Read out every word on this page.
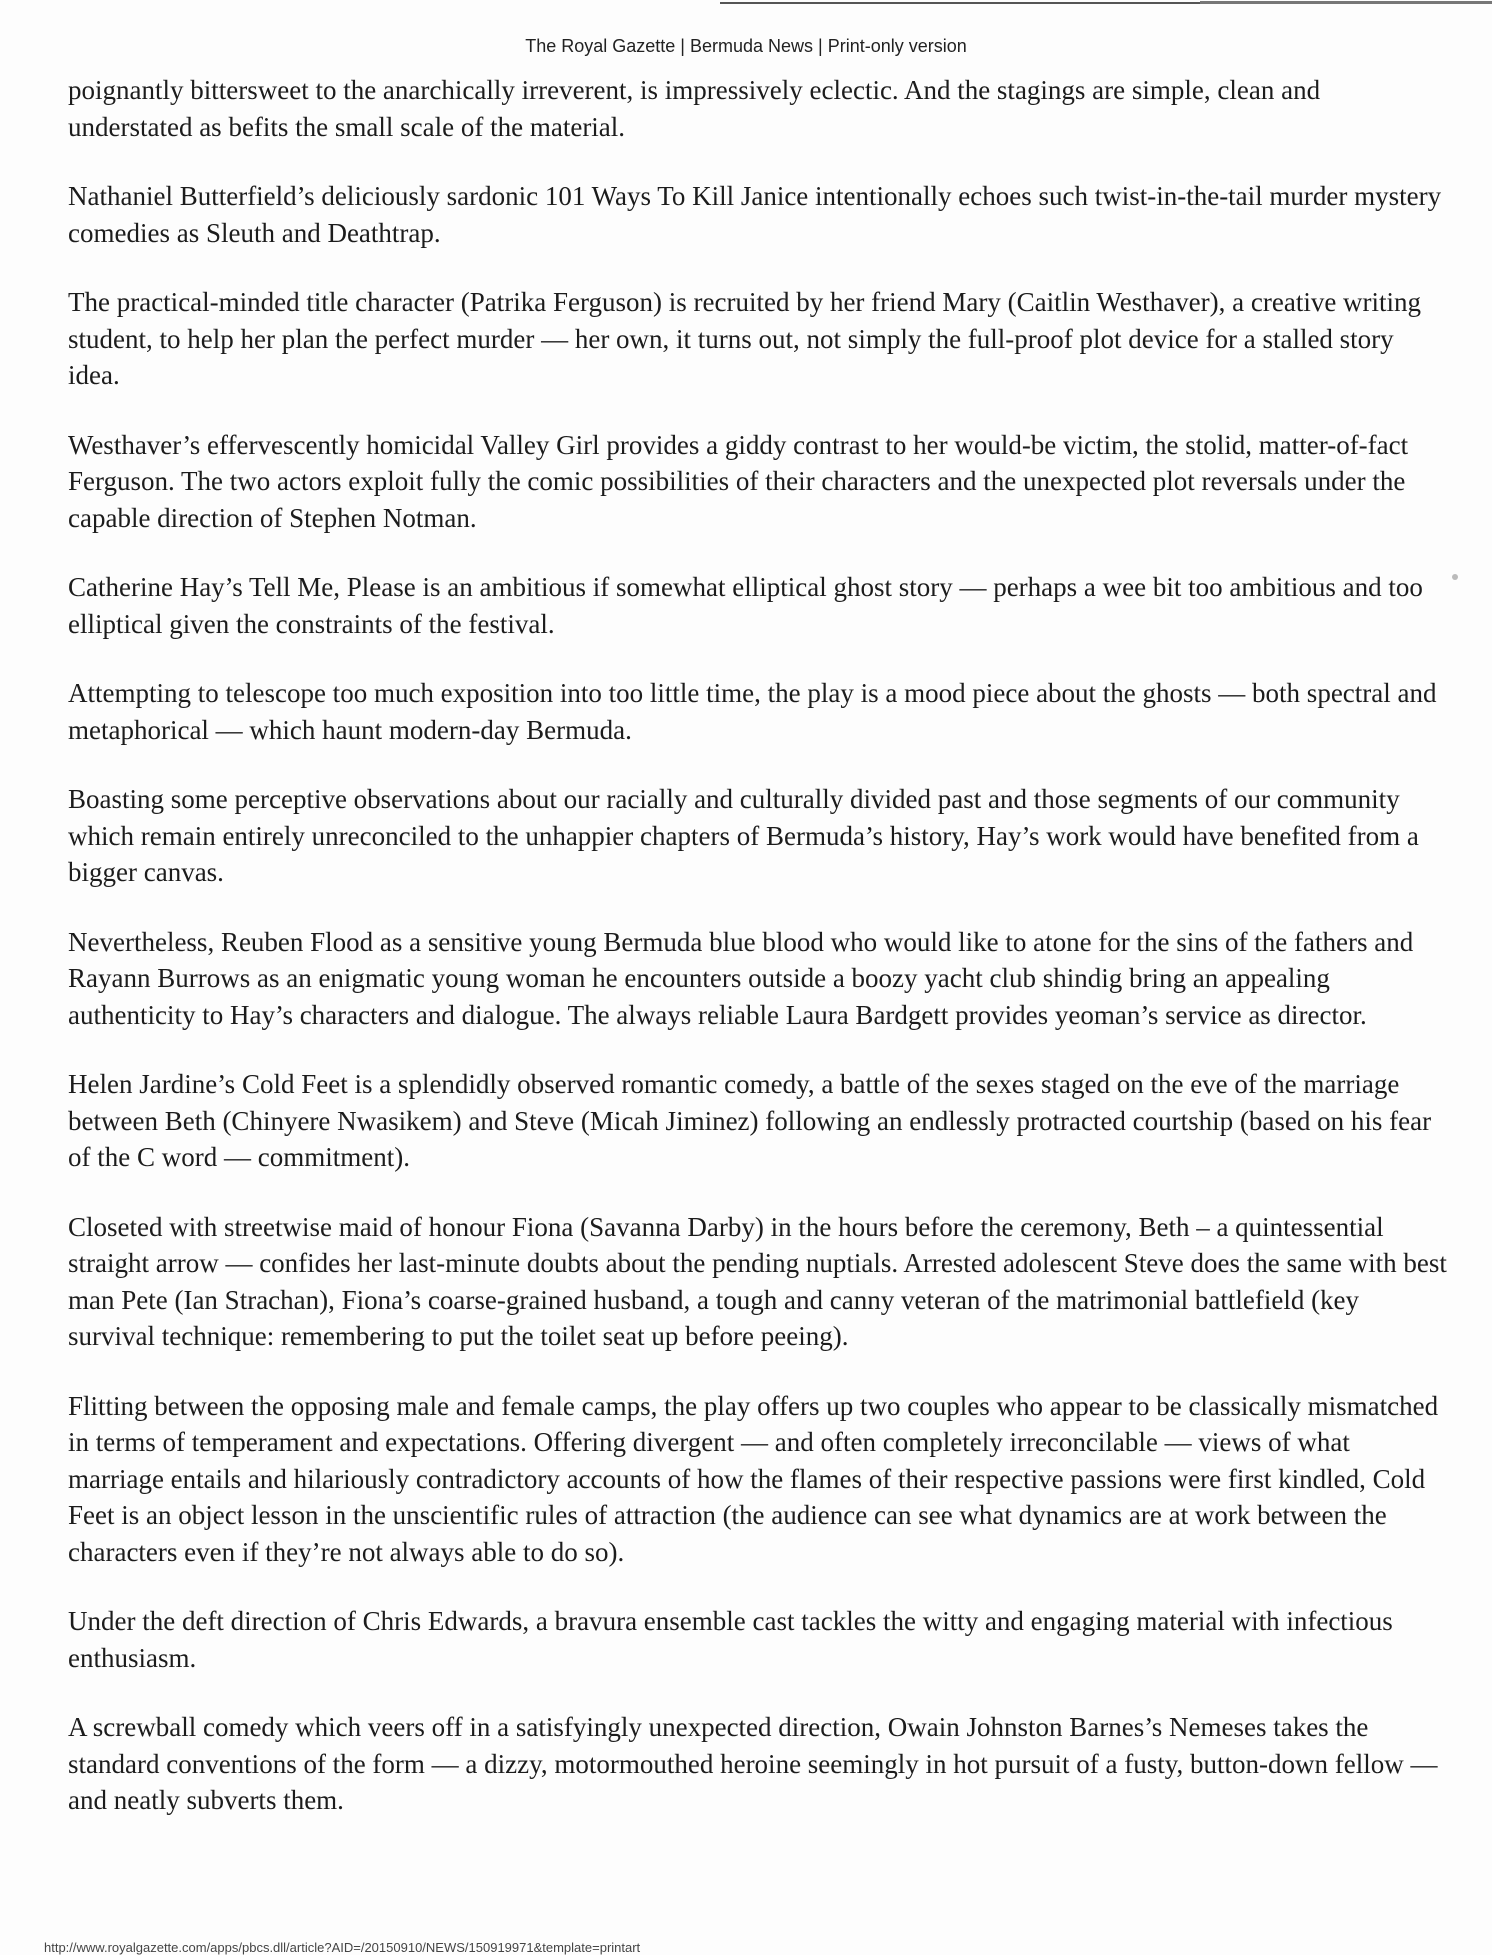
The Royal Gazette | Bermuda News | Print-only version

poignantly bittersweet to the anarchically irreverent, is impressively eclectic. And the stagings are simple, clean and understated as befits the small scale of the material.

Nathaniel Butterfield’s deliciously sardonic 101 Ways To Kill Janice intentionally echoes such twist-in-the-tail murder mystery comedies as Sleuth and Deathtrap.

The practical-minded title character (Patrika Ferguson) is recruited by her friend Mary (Caitlin Westhaver), a creative writing student, to help her plan the perfect murder — her own, it turns out, not simply the full-proof plot device for a stalled story idea.

Westhaver’s effervescently homicidal Valley Girl provides a giddy contrast to her would-be victim, the stolid, matter-of-fact Ferguson. The two actors exploit fully the comic possibilities of their characters and the unexpected plot reversals under the capable direction of Stephen Notman.

Catherine Hay’s Tell Me, Please is an ambitious if somewhat elliptical ghost story — perhaps a wee bit too ambitious and too elliptical given the constraints of the festival.

Attempting to telescope too much exposition into too little time, the play is a mood piece about the ghosts — both spectral and metaphorical — which haunt modern-day Bermuda.

Boasting some perceptive observations about our racially and culturally divided past and those segments of our community which remain entirely unreconciled to the unhappier chapters of Bermuda’s history, Hay’s work would have benefited from a bigger canvas.

Nevertheless, Reuben Flood as a sensitive young Bermuda blue blood who would like to atone for the sins of the fathers and Rayann Burrows as an enigmatic young woman he encounters outside a boozy yacht club shindig bring an appealing authenticity to Hay’s characters and dialogue. The always reliable Laura Bardgett provides yeoman’s service as director.

Helen Jardine’s Cold Feet is a splendidly observed romantic comedy, a battle of the sexes staged on the eve of the marriage between Beth (Chinyere Nwasikem) and Steve (Micah Jiminez) following an endlessly protracted courtship (based on his fear of the C word — commitment).

Closeted with streetwise maid of honour Fiona (Savanna Darby) in the hours before the ceremony, Beth – a quintessential straight arrow — confides her last-minute doubts about the pending nuptials. Arrested adolescent Steve does the same with best man Pete (Ian Strachan), Fiona’s coarse-grained husband, a tough and canny veteran of the matrimonial battlefield (key survival technique: remembering to put the toilet seat up before peeing).

Flitting between the opposing male and female camps, the play offers up two couples who appear to be classically mismatched in terms of temperament and expectations. Offering divergent — and often completely irreconcilable — views of what marriage entails and hilariously contradictory accounts of how the flames of their respective passions were first kindled, Cold Feet is an object lesson in the unscientific rules of attraction (the audience can see what dynamics are at work between the characters even if they’re not always able to do so).

Under the deft direction of Chris Edwards, a bravura ensemble cast tackles the witty and engaging material with infectious enthusiasm.

A screwball comedy which veers off in a satisfyingly unexpected direction, Owain Johnston Barnes’s Nemeses takes the standard conventions of the form — a dizzy, motormouthed heroine seemingly in hot pursuit of a fusty, button-down fellow — and neatly subverts them.

http://www.royalgazette.com/apps/pbcs.dll/article?AID=/20150910/NEWS/150919971&template=printart
